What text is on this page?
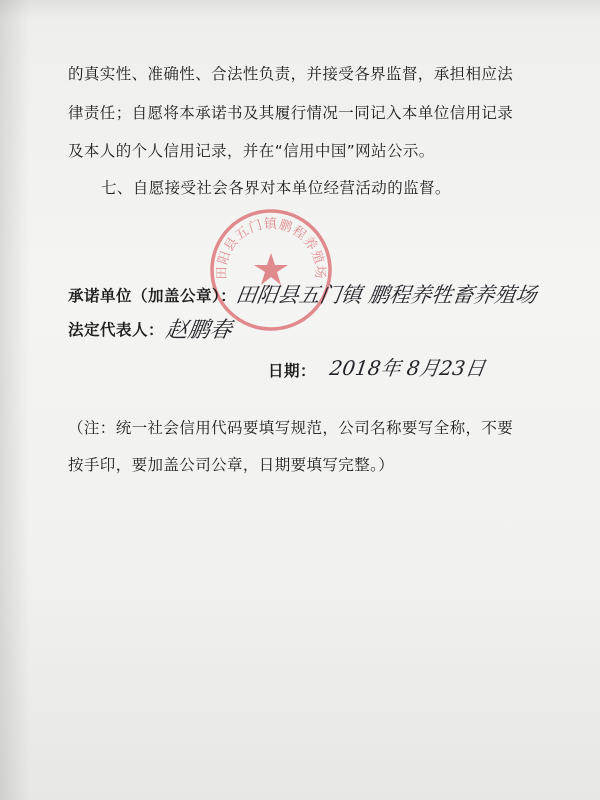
的真实性、准确性、合法性负责，并接受各界监督，承担相应法

律责任；自愿将本承诺书及其履行情况一同记入本单位信用记录

及本人的个人信用记录，并在“信用中国”网站公示。

七、自愿接受社会各界对本单位经营活动的监督。

田阳县五门镇鹏程养殖场
承诺单位（加盖公章）：
田阳县五门镇 鹏程养牲畜养殖场
法定代表人： 赵鹏春
日期： 2018年 8月23日

（注：统一社会信用代码要填写规范，公司名称要写全称，不要

按手印，要加盖公司公章，日期要填写完整。）
